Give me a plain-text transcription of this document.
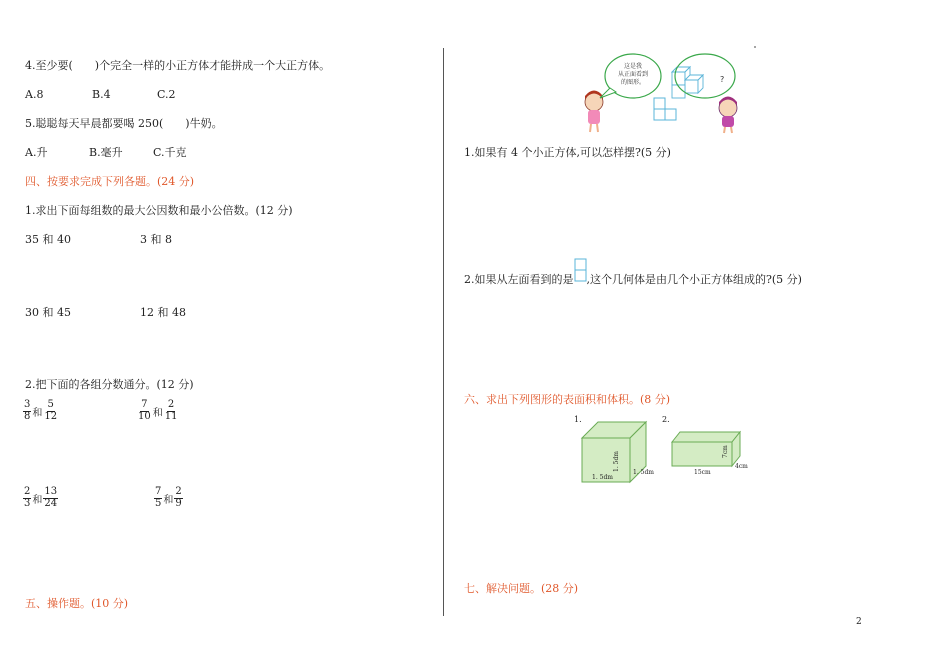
4.至少要(　　)个完全一样的小正方体才能拼成一个大正方体。
A.8	B.4	C.2
5.聪聪每天早晨都要喝 250(　　)牛奶。
A.升	B.毫升	C.千克
四、按要求完成下列各题。(24 分)
1.求出下面每组数的最大公因数和最小公倍数。(12 分)
35 和 40	3 和 8
30 和 45	12 和 48
2.把下面的各组分数通分。(12 分)
3
8 和
5
12
7
10 和
2
11
2
3 和
13
24
7
5 和
2
9
五、操作题。(10 分)
这是我
从正面看到
的图形。	?
1.如果有 4 个小正方体,可以怎样摆?(5 分)
2.如果从左面看到的是 ,这个几何体是由几个小正方体组成的?(5 分)
六、求出下列图形的表面积和体积。(8 分)
1.
1. 5dm
1. 5dm
1. 5dm
2.
15cm
4cm
7cm
七、解决问题。(28 分)
2
